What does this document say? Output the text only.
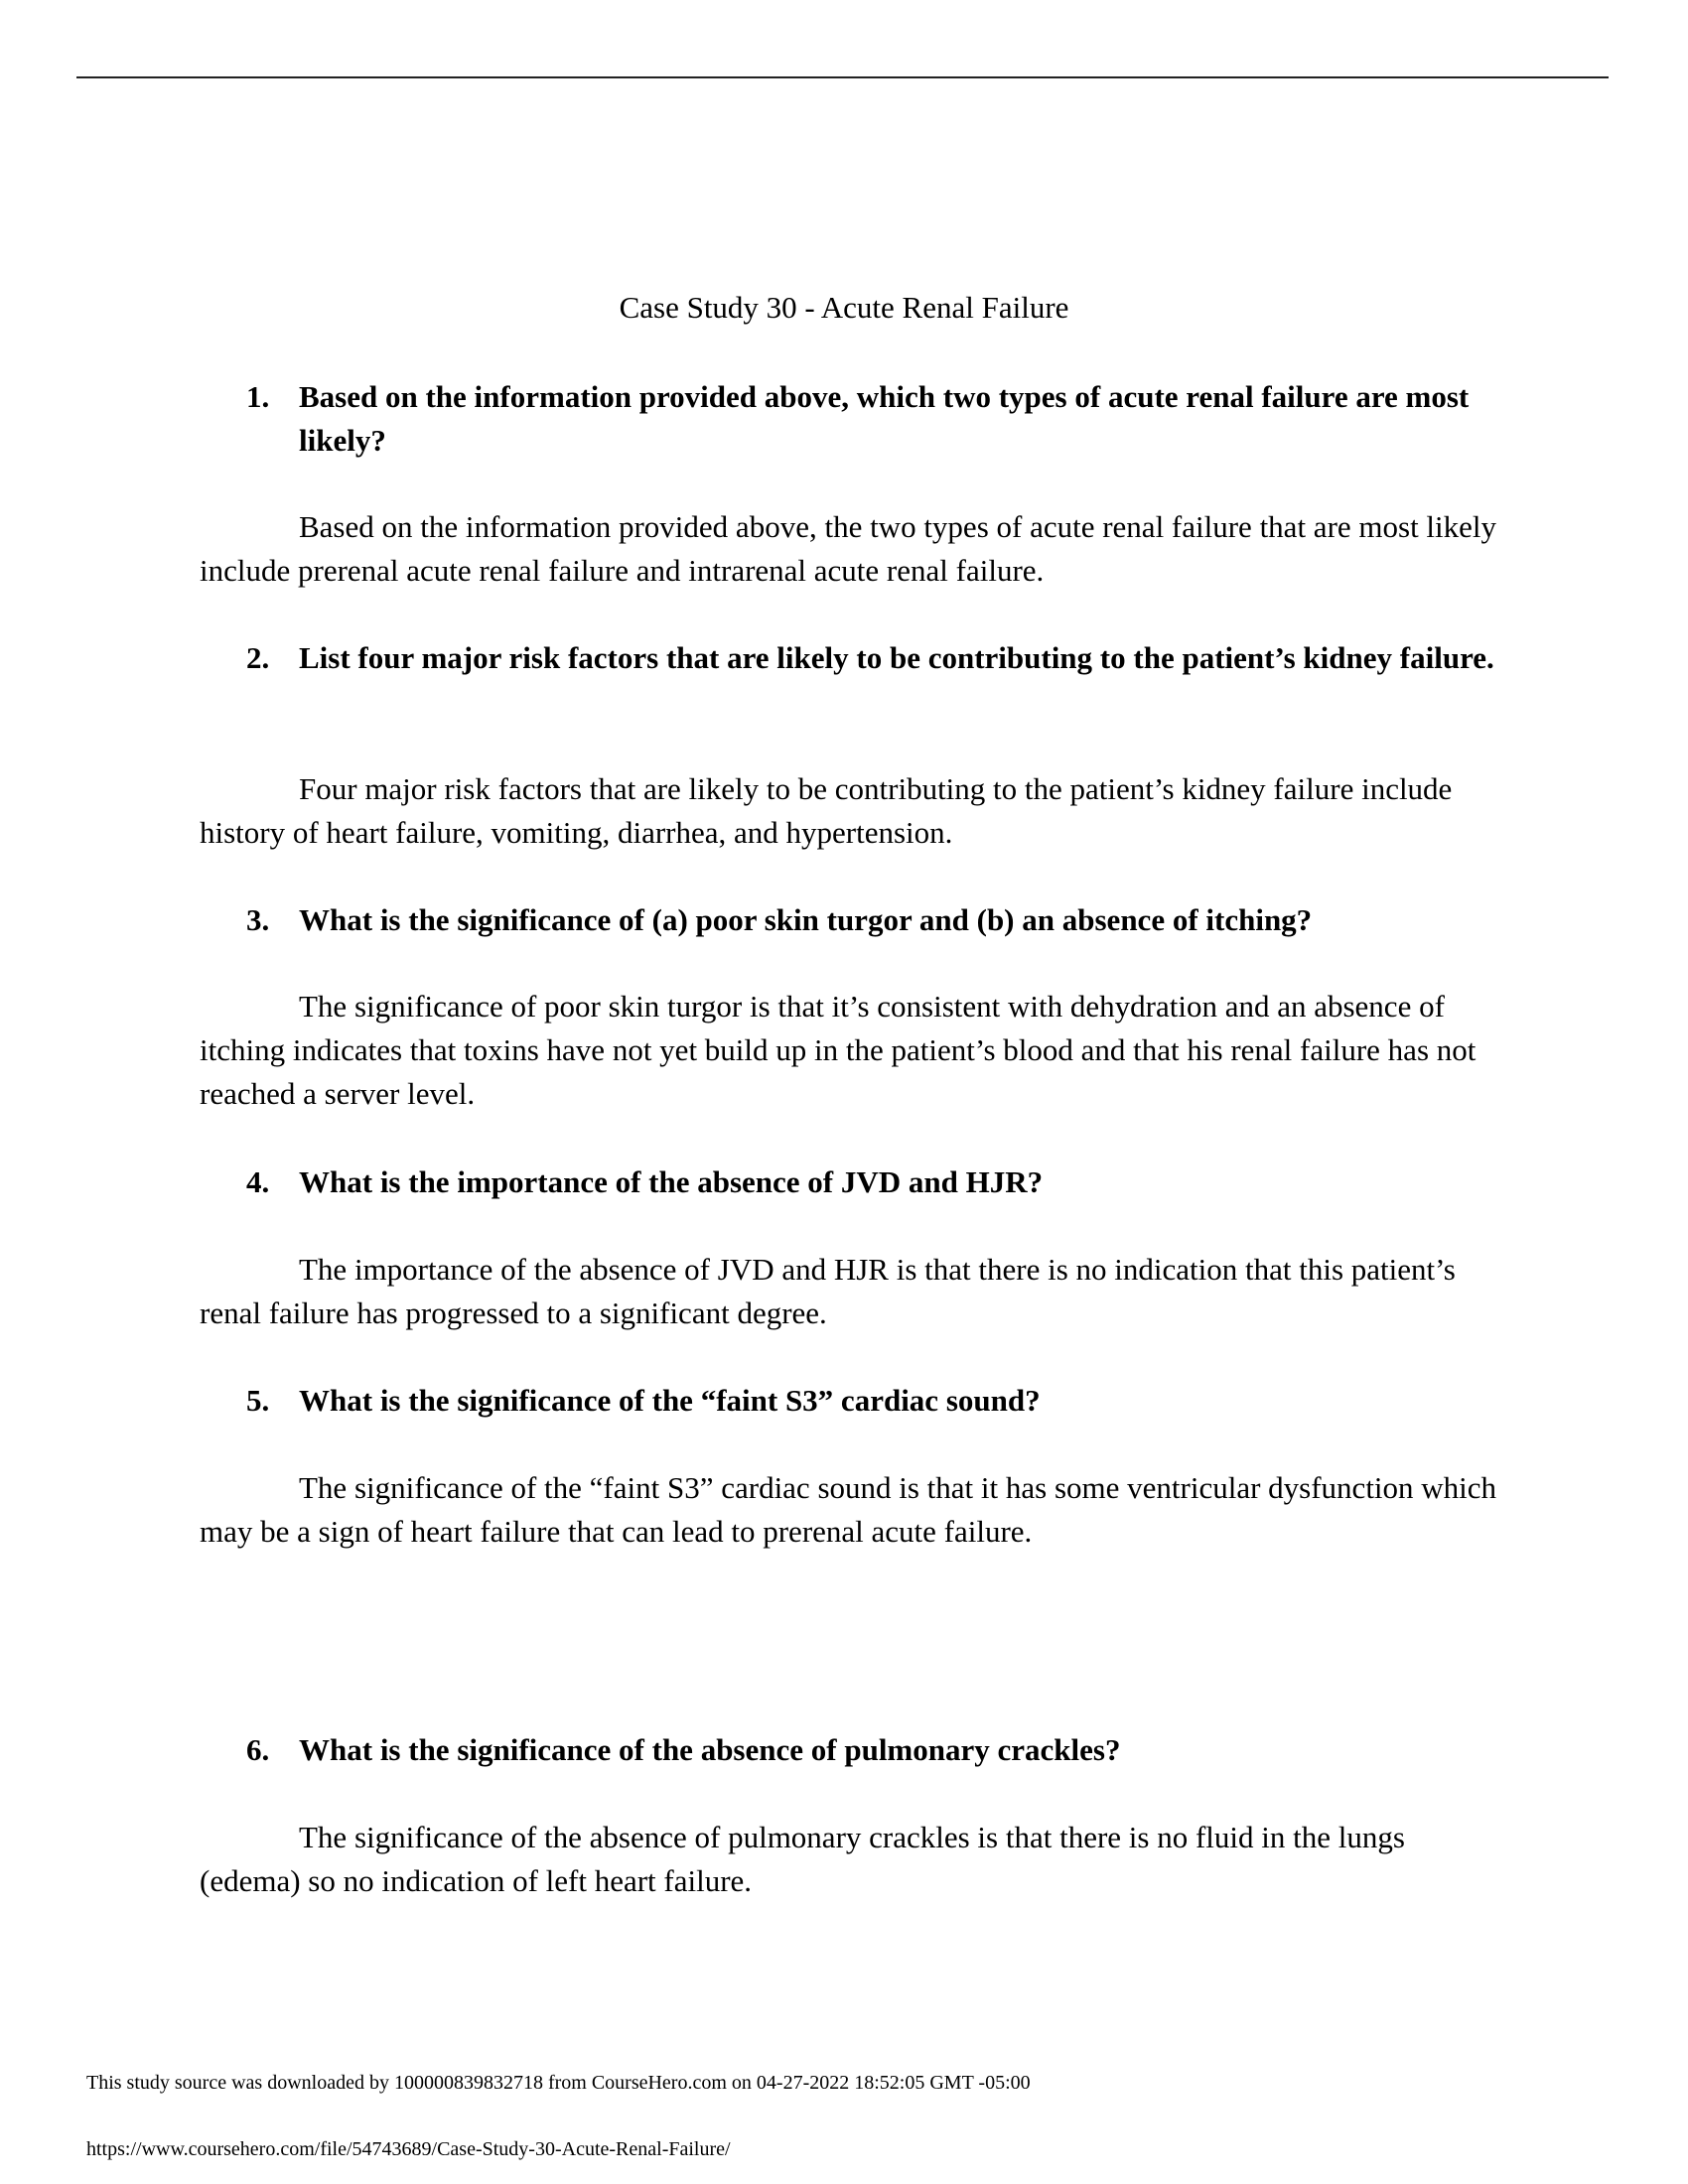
Case Study 30 - Acute Renal Failure
1. Based on the information provided above, which two types of acute renal failure are most likely?
Based on the information provided above, the two types of acute renal failure that are most likely include prerenal acute renal failure and intrarenal acute renal failure.
2. List four major risk factors that are likely to be contributing to the patient’s kidney failure.
Four major risk factors that are likely to be contributing to the patient’s kidney failure include history of heart failure, vomiting, diarrhea, and hypertension.
3. What is the significance of (a) poor skin turgor and (b) an absence of itching?
The significance of poor skin turgor is that it’s consistent with dehydration and an absence of itching indicates that toxins have not yet build up in the patient’s blood and that his renal failure has not reached a server level.
4. What is the importance of the absence of JVD and HJR?
The importance of the absence of JVD and HJR is that there is no indication that this patient’s renal failure has progressed to a significant degree.
5. What is the significance of the “faint S3” cardiac sound?
The significance of the “faint S3” cardiac sound is that it has some ventricular dysfunction which may be a sign of heart failure that can lead to prerenal acute failure.
6. What is the significance of the absence of pulmonary crackles?
The significance of the absence of pulmonary crackles is that there is no fluid in the lungs (edema) so no indication of left heart failure.
This study source was downloaded by 100000839832718 from CourseHero.com on 04-27-2022 18:52:05 GMT -05:00
https://www.coursehero.com/file/54743689/Case-Study-30-Acute-Renal-Failure/
